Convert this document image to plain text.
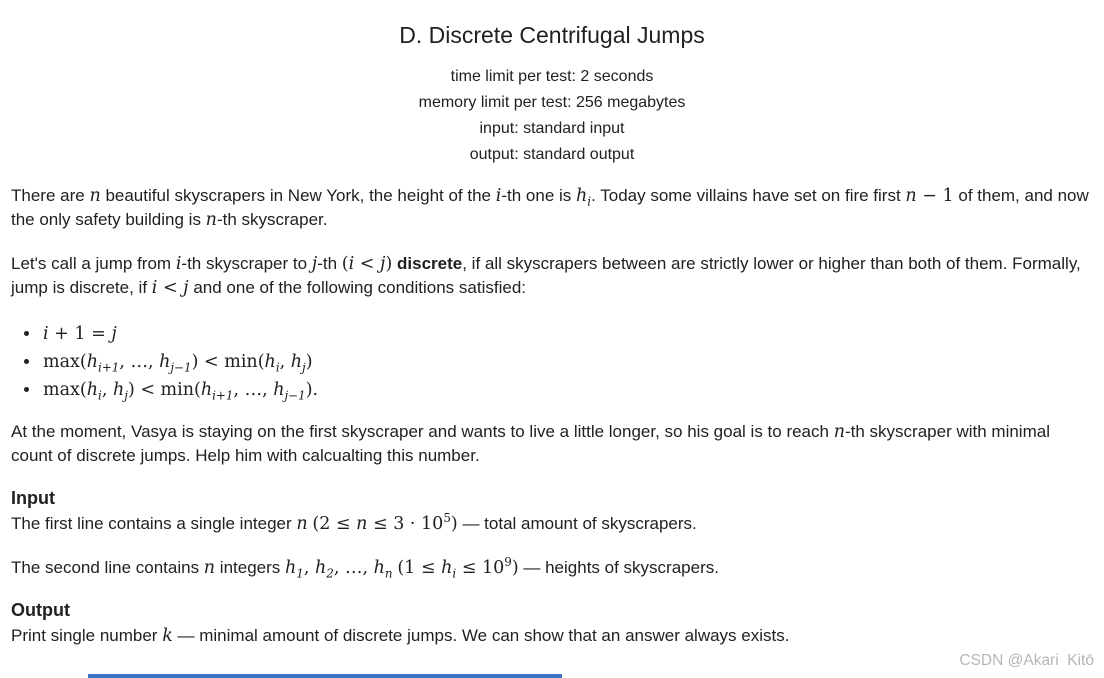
D. Discrete Centrifugal Jumps
time limit per test: 2 seconds
memory limit per test: 256 megabytes
input: standard input
output: standard output

There are n beautiful skyscrapers in New York, the height of the i-th one is $h_i$. Today some villains have set on fire first n − 1 of them, and now the only safety building is n-th skyscraper.

Let's call a jump from i-th skyscraper to j-th (i < j) discrete, if all skyscrapers between are strictly lower or higher than both of them. Formally, jump is discrete, if i < j and one of the following conditions satisfied:

• i + 1 = j
• $\max(h_{i+1}$, …, $h_{j-1}) < \min(h_i$, $h_j$)
• $\max(h_i$, $h_j) < \min(h_{i+1}$, …, $h_{j-1}$).

At the moment, Vasya is staying on the first skyscraper and wants to live a little longer, so his goal is to reach n-th skyscraper with minimal count of discrete jumps. Help him with calcualting this number.

Input

The first line contains a single integer n $(2 \le n \le 3 \cdot 10^5)$ — total amount of skyscrapers.

The second line contains n integers $h_1$, $h_2$, …, $h_n$ $(1 \le h_i \le 10^9)$ — heights of skyscrapers.

Output

Print single number k — minimal amount of discrete jumps. We can show that an answer always exists.

CSDN @Akari  Kitō
